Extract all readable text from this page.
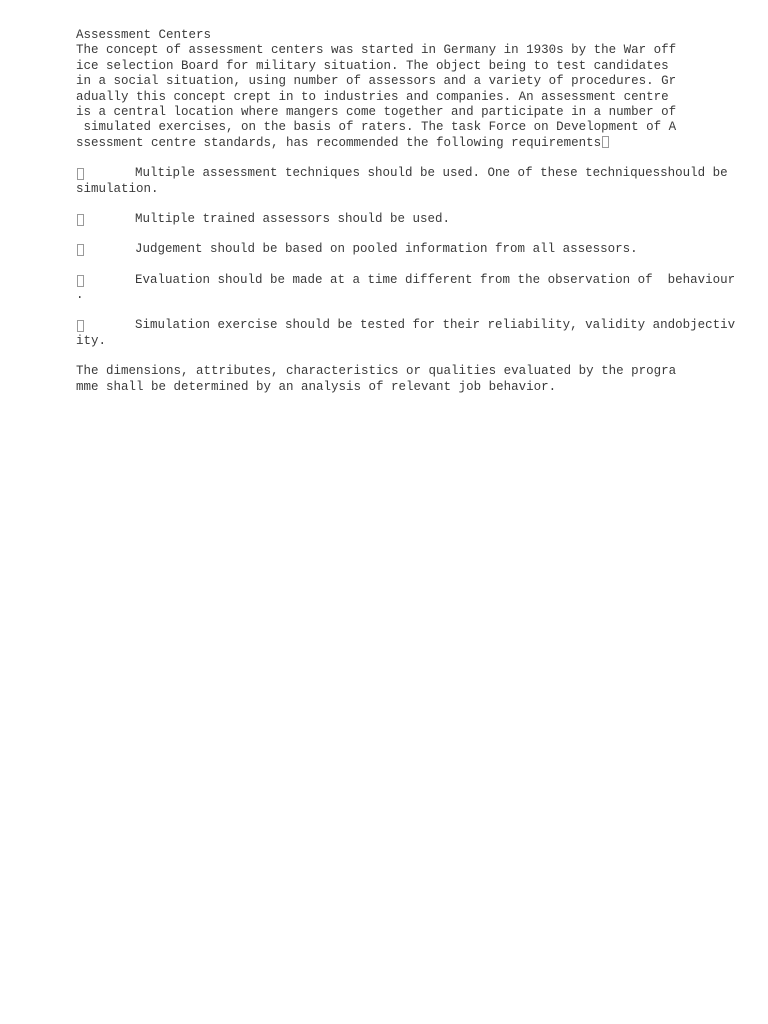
Assessment Centers
The concept of assessment centers was started in Germany in 1930s by the War off
ice selection Board for military situation. The object being to test candidates
in a social situation, using number of assessors and a variety of procedures. Gr
adually this concept crept in to industries and companies. An assessment centre
is a central location where mangers come together and participate in a number of
simulated exercises, on the basis of raters. The task Force on Development of A
ssessment centre standards, has recommended the following requirements
Multiple assessment techniques should be used. One of these techniquesshould be
simulation.
Multiple trained assessors should be used.
Judgement should be based on pooled information from all assessors.
Evaluation should be made at a time different from the observation of  behaviour
.
Simulation exercise should be tested for their reliability, validity andobjectiv
ity.
The dimensions, attributes, characteristics or qualities evaluated by the progra
mme shall be determined by an analysis of relevant job behavior.
